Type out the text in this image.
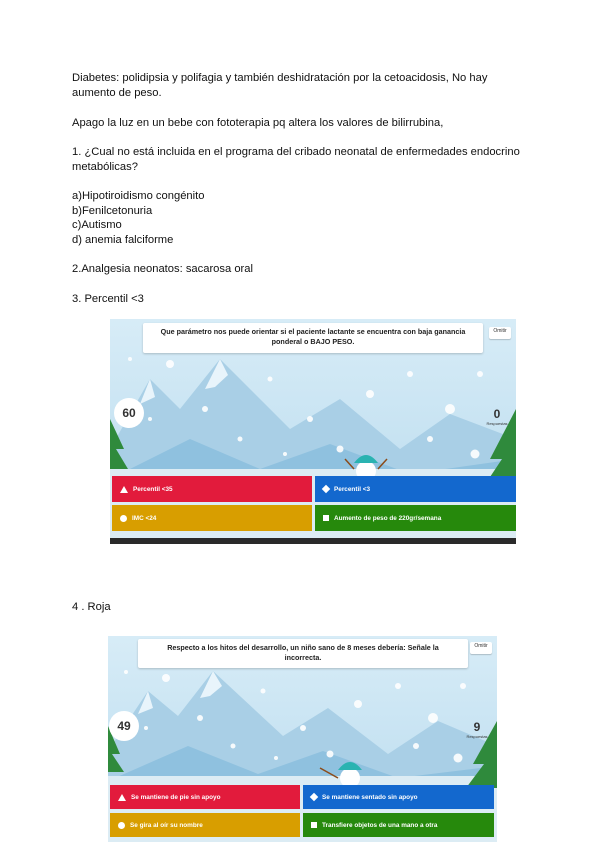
Diabetes: polidipsia y polifagia y también deshidratación por la cetoacidosis, No hay aumento de peso.

Apago la luz en un bebe con fototerapia pq altera los valores de bilirrubina,

1. ¿Cual no está incluida en el programa del cribado neonatal de enfermedades endocrino metabólicas?

a)Hipotiroidismo congénito

b)Fenilcetonuria

c)Autismo

d) anemia falciforme

2.Analgesia neonatos: sacarosa oral

3. Percentil <3

Que parámetro nos puede orientar si el paciente lactante se encuentra con baja ganancia ponderal o BAJO PESO.
Omitir
60	0
Respuestas
Percentil <35	Percentil <3
IMC <24	Aumento de peso de 220gr/semana

4 . Roja

Respecto a los hitos del desarrollo, un niño sano de 8 meses debería: Señale la incorrecta.
Omitir
49	9
Respuestas
Se mantiene de pie sin apoyo	Se mantiene sentado sin apoyo
Se gira al oír su nombre	Transfiere objetos de una mano a otra
